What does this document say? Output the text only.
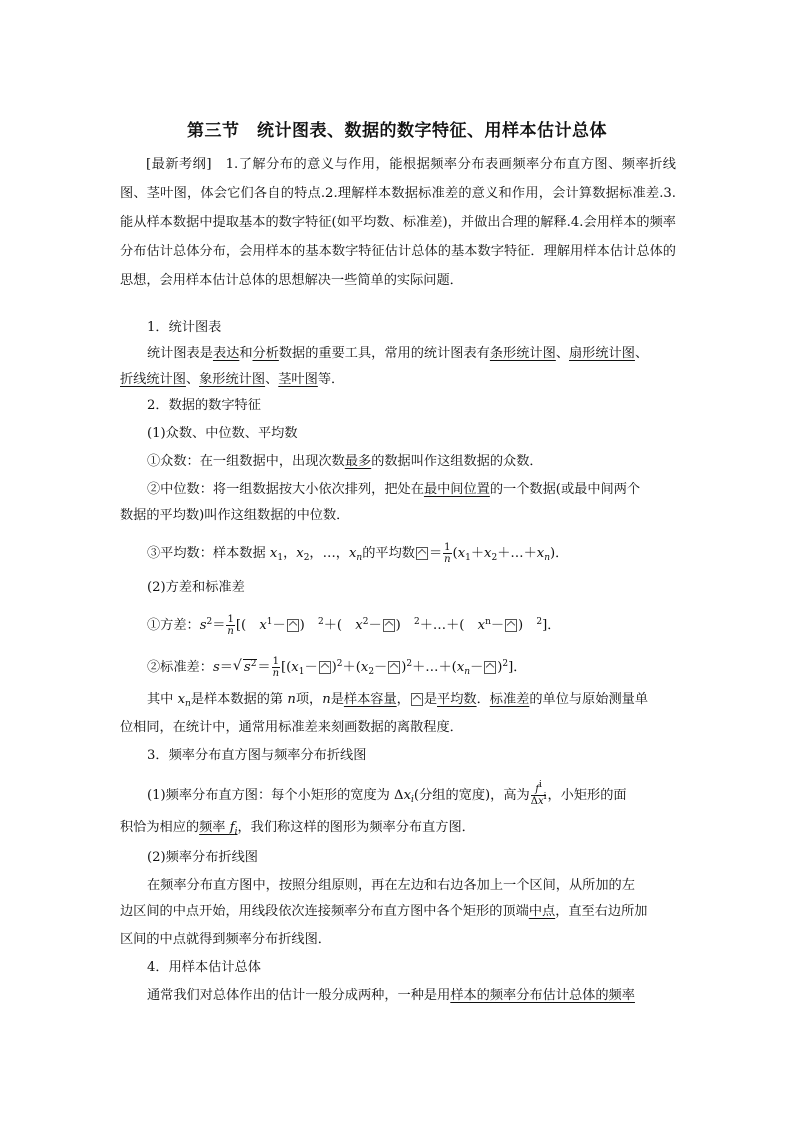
第三节　统计图表、数据的数字特征、用样本估计总体
[最新考纲]　1.了解分布的意义与作用，能根据频率分布表画频率分布直方图、频率折线图、茎叶图，体会它们各自的特点.2.理解样本数据标准差的意义和作用，会计算数据标准差.3.能从样本数据中提取基本的数字特征(如平均数、标准差)，并做出合理的解释.4.会用样本的频率分布估计总体分布，会用样本的基本数字特征估计总体的基本数字特征．理解用样本估计总体的思想，会用样本估计总体的思想解决一些简单的实际问题．
1．统计图表
统计图表是表达和分析数据的重要工具，常用的统计图表有条形统计图、扇形统计图、
折线统计图、象形统计图、茎叶图等．
2．数据的数字特征
(1)众数、中位数、平均数
①众数：在一组数据中，出现次数最多的数据叫作这组数据的众数．
②中位数：将一组数据按大小依次排列，把处在最中间位置的一个数据(或最中间两个
数据的平均数)叫作这组数据的中位数．
③平均数：样本数据 $x_1$，$x_2$，…，$x_n$的平均数 ＝ $\frac{1}{n}$ $(x_1+x_2+\dots+x_n)$．
(2)方差和标准差
①方差：$s^2= \frac{1}{n}$ [(　$x^1-$ )　$^2$＋(　$x^2-$ )　$^2$＋…＋(　$x^n-$ )　$^2$]．
②标准差：s＝√ $s^2= \frac{1}{n} [(x_1- )^2+(x_2-$ )$^2+\dots+(x_n- )^2$]．
其中 $x_n$是样本数据的第 n项，n是样本容量， 是平均数．标准差的单位与原始测量单
位相同，在统计中，通常用标准差来刻画数据的离散程度．
3．频率分布直方图与频率分布折线图
(1)频率分布直方图：每个小矩形的宽度为 $\Delta x_i$(分组的宽度)，高为 $\frac{f^i}{\Delta x^i}$ ，小矩形的面
积恰为相应的频率 $f_i$，我们称这样的图形为频率分布直方图．
(2)频率分布折线图
在频率分布直方图中，按照分组原则，再在左边和右边各加上一个区间，从所加的左
边区间的中点开始，用线段依次连接频率分布直方图中各个矩形的顶端中点，直至右边所加
区间的中点就得到频率分布折线图．
4．用样本估计总体
通常我们对总体作出的估计一般分成两种，一种是用样本的频率分布估计总体的频率
